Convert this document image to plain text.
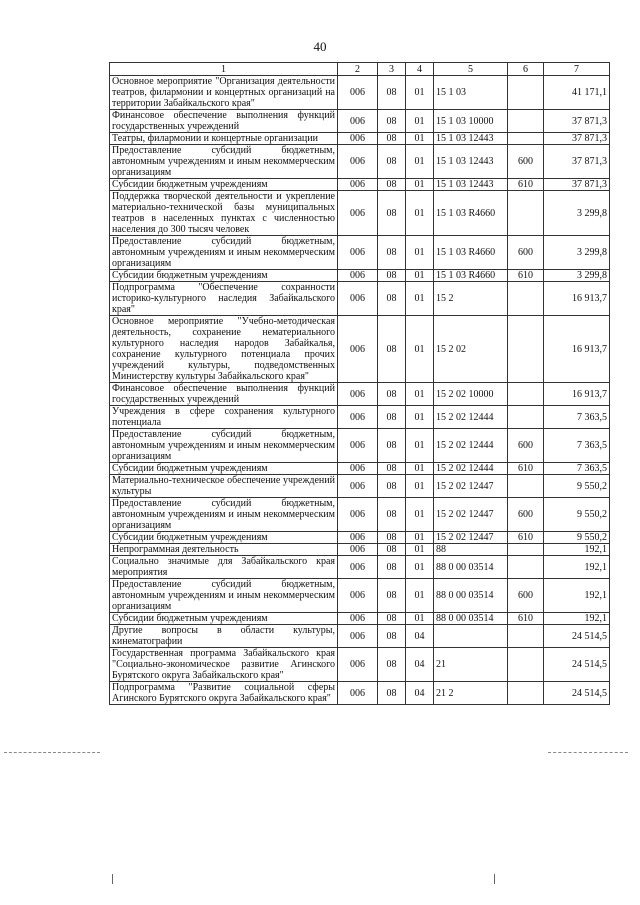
40
1	2	3	4	5	6	7
Основное мероприятие "Организация деятельности театров, филармонии и концертных организаций на территории Забайкальского края"	006	08	01	15 1 03		41 171,1
Финансовое обеспечение выполнения функций государственных учреждений	006	08	01	15 1 03 10000		37 871,3
Театры, филармонии и концертные организации	006	08	01	15 1 03 12443		37 871,3
Предоставление субсидий бюджетным, автономным учреждениям и иным некоммерческим организациям	006	08	01	15 1 03 12443	600	37 871,3
Субсидии бюджетным учреждениям	006	08	01	15 1 03 12443	610	37 871,3
Поддержка творческой деятельности и укрепление материально-технической базы муниципальных театров в населенных пунктах с численностью населения до 300 тысяч человек	006	08	01	15 1 03 R4660		3 299,8
Предоставление субсидий бюджетным, автономным учреждениям и иным некоммерческим организациям	006	08	01	15 1 03 R4660	600	3 299,8
Субсидии бюджетным учреждениям	006	08	01	15 1 03 R4660	610	3 299,8
Подпрограмма "Обеспечение сохранности историко-культурного наследия Забайкальского края"	006	08	01	15 2		16 913,7
Основное мероприятие "Учебно-методическая деятельность, сохранение нематериального культурного наследия народов Забайкалья, сохранение культурного потенциала прочих учреждений культуры, подведомственных Министерству культуры Забайкальского края"	006	08	01	15 2 02		16 913,7
Финансовое обеспечение выполнения функций государственных учреждений	006	08	01	15 2 02 10000		16 913,7
Учреждения в сфере сохранения культурного потенциала	006	08	01	15 2 02 12444		7 363,5
Предоставление субсидий бюджетным, автономным учреждениям и иным некоммерческим организациям	006	08	01	15 2 02 12444	600	7 363,5
Субсидии бюджетным учреждениям	006	08	01	15 2 02 12444	610	7 363,5
Материально-техническое обеспечение учреждений культуры	006	08	01	15 2 02 12447		9 550,2
Предоставление субсидий бюджетным, автономным учреждениям и иным некоммерческим организациям	006	08	01	15 2 02 12447	600	9 550,2
Субсидии бюджетным учреждениям	006	08	01	15 2 02 12447	610	9 550,2
Непрограммная деятельность	006	08	01	88		192,1
Социально значимые для Забайкальского края мероприятия	006	08	01	88 0 00 03514		192,1
Предоставление субсидий бюджетным, автономным учреждениям и иным некоммерческим организациям	006	08	01	88 0 00 03514	600	192,1
Субсидии бюджетным учреждениям	006	08	01	88 0 00 03514	610	192,1
Другие вопросы в области культуры, кинематографии	006	08	04			24 514,5
Государственная программа Забайкальского края "Социально-экономическое развитие Агинского Бурятского округа Забайкальского края"	006	08	04	21		24 514,5
Подпрограмма "Развитие социальной сферы Агинского Бурятского округа Забайкальского края"	006	08	04	21 2		24 514,5
